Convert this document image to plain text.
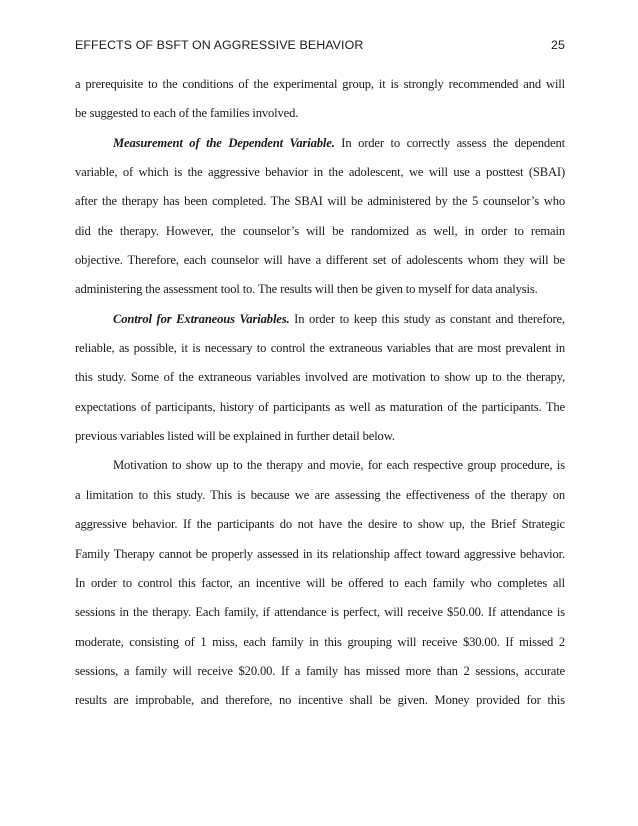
EFFECTS OF BSFT ON AGGRESSIVE BEHAVIOR	25
a prerequisite to the conditions of the experimental group, it is strongly recommended and will
be suggested to each of the families involved.
Measurement of the Dependent Variable. In order to correctly assess the dependent
variable, of which is the aggressive behavior in the adolescent, we will use a posttest (SBAI)
after the therapy has been completed. The SBAI will be administered by the 5 counselor’s who
did the therapy. However, the counselor’s will be randomized as well, in order to remain
objective. Therefore, each counselor will have a different set of adolescents whom they will be
administering the assessment tool to. The results will then be given to myself for data analysis.
Control for Extraneous Variables. In order to keep this study as constant and therefore,
reliable, as possible, it is necessary to control the extraneous variables that are most prevalent in
this study. Some of the extraneous variables involved are motivation to show up to the therapy,
expectations of participants, history of participants as well as maturation of the participants. The
previous variables listed will be explained in further detail below.
Motivation to show up to the therapy and movie, for each respective group procedure, is
a limitation to this study. This is because we are assessing the effectiveness of the therapy on
aggressive behavior. If the participants do not have the desire to show up, the Brief Strategic
Family Therapy cannot be properly assessed in its relationship affect toward aggressive behavior.
In order to control this factor, an incentive will be offered to each family who completes all
sessions in the therapy. Each family, if attendance is perfect, will receive $50.00. If attendance is
moderate, consisting of 1 miss, each family in this grouping will receive $30.00. If missed 2
sessions, a family will receive $20.00. If a family has missed more than 2 sessions, accurate
results are improbable, and therefore, no incentive shall be given. Money provided for this
